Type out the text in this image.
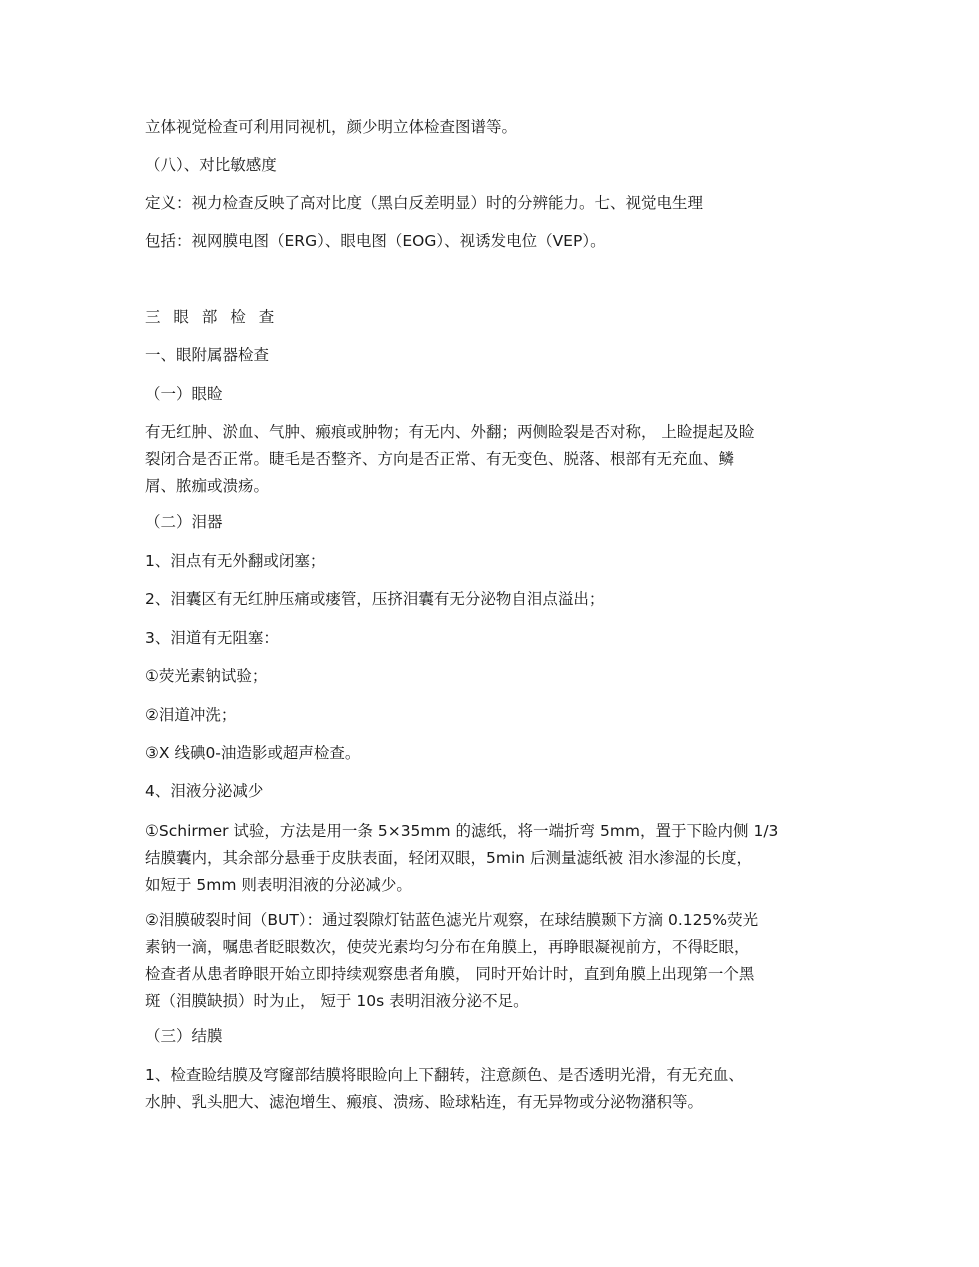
立体视觉检查可利用同视机，颜少明立体检查图谱等。

（八）、对比敏感度

定义：视力检查反映了高对比度（黑白反差明显）时的分辨能力。七、视觉电生理

包括：视网膜电图（ERG）、眼电图（EOG）、视诱发电位（VEP）。

三 眼 部 检 查

一、眼附属器检查

（一）眼睑

有无红肿、淤血、气肿、瘢痕或肿物；有无内、外翻；两侧睑裂是否对称， 上睑提起及睑
裂闭合是否正常。睫毛是否整齐、方向是否正常、有无变色、脱落、根部有无充血、鳞
屑、脓痂或溃疡。

（二）泪器

1、泪点有无外翻或闭塞；

2、泪囊区有无红肿压痛或瘘管，压挤泪囊有无分泌物自泪点溢出；

3、泪道有无阻塞：

①荧光素钠试验；

②泪道冲洗；

③X 线碘0-油造影或超声检查。

4、泪液分泌减少

①Schirmer 试验，方法是用一条 5×35mm 的滤纸，将一端折弯 5mm，置于下睑内侧 1/3
结膜囊内，其余部分悬垂于皮肤表面，轻闭双眼，5min 后测量滤纸被 泪水渗湿的长度，
如短于 5mm 则表明泪液的分泌减少。
②泪膜破裂时间（BUT）：通过裂隙灯钴蓝色滤光片观察，在球结膜颞下方滴 0.125%荧光
素钠一滴，嘱患者眨眼数次，使荧光素均匀分布在角膜上，再睁眼凝视前方，不得眨眼，
检查者从患者睁眼开始立即持续观察患者角膜， 同时开始计时，直到角膜上出现第一个黑
斑（泪膜缺损）时为止， 短于 10s 表明泪液分泌不足。

（三）结膜

1、检查睑结膜及穹窿部结膜将眼睑向上下翻转，注意颜色、是否透明光滑，有无充血、
水肿、乳头肥大、滤泡增生、瘢痕、溃疡、睑球粘连，有无异物或分泌物潴积等。
